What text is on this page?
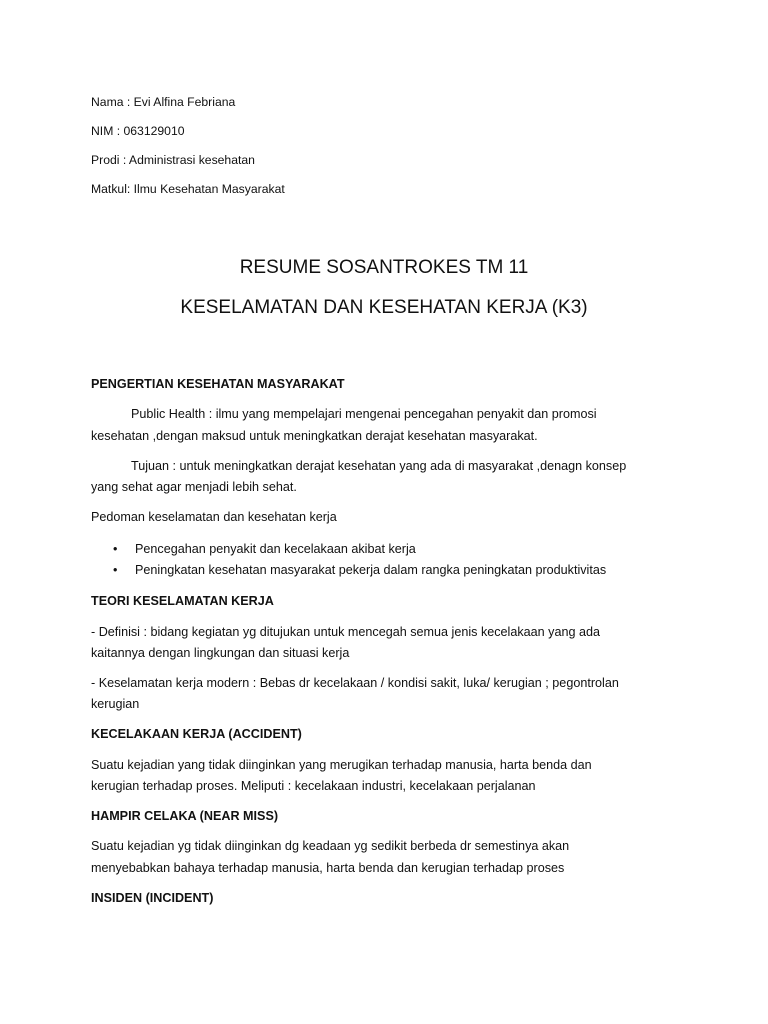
Nama : Evi Alfina Febriana
NIM : 063129010
Prodi : Administrasi kesehatan
Matkul: Ilmu Kesehatan Masyarakat
RESUME SOSANTROKES TM 11
KESELAMATAN DAN KESEHATAN KERJA (K3)
PENGERTIAN KESEHATAN MASYARAKAT
Public Health : ilmu yang mempelajari mengenai pencegahan penyakit dan promosi
kesehatan ,dengan maksud untuk meningkatkan derajat kesehatan masyarakat.
Tujuan : untuk meningkatkan derajat kesehatan yang ada di masyarakat ,denagn konsep
yang sehat agar menjadi lebih sehat.
Pedoman keselamatan dan kesehatan kerja
• Pencegahan penyakit dan kecelakaan akibat kerja
• Peningkatan kesehatan masyarakat pekerja dalam rangka peningkatan produktivitas
TEORI KESELAMATAN KERJA
- Definisi : bidang kegiatan yg ditujukan untuk mencegah semua jenis kecelakaan yang ada
kaitannya dengan lingkungan dan situasi kerja
- Keselamatan kerja modern : Bebas dr kecelakaan / kondisi sakit, luka/ kerugian ; pegontrolan
kerugian
KECELAKAAN KERJA (ACCIDENT)
Suatu kejadian yang tidak diinginkan yang merugikan terhadap manusia, harta benda dan
kerugian terhadap proses. Meliputi : kecelakaan industri, kecelakaan perjalanan
HAMPIR CELAKA (NEAR MISS)
Suatu kejadian yg tidak diinginkan dg keadaan yg sedikit berbeda dr semestinya akan
menyebabkan bahaya terhadap manusia, harta benda dan kerugian terhadap proses
INSIDEN (INCIDENT)
